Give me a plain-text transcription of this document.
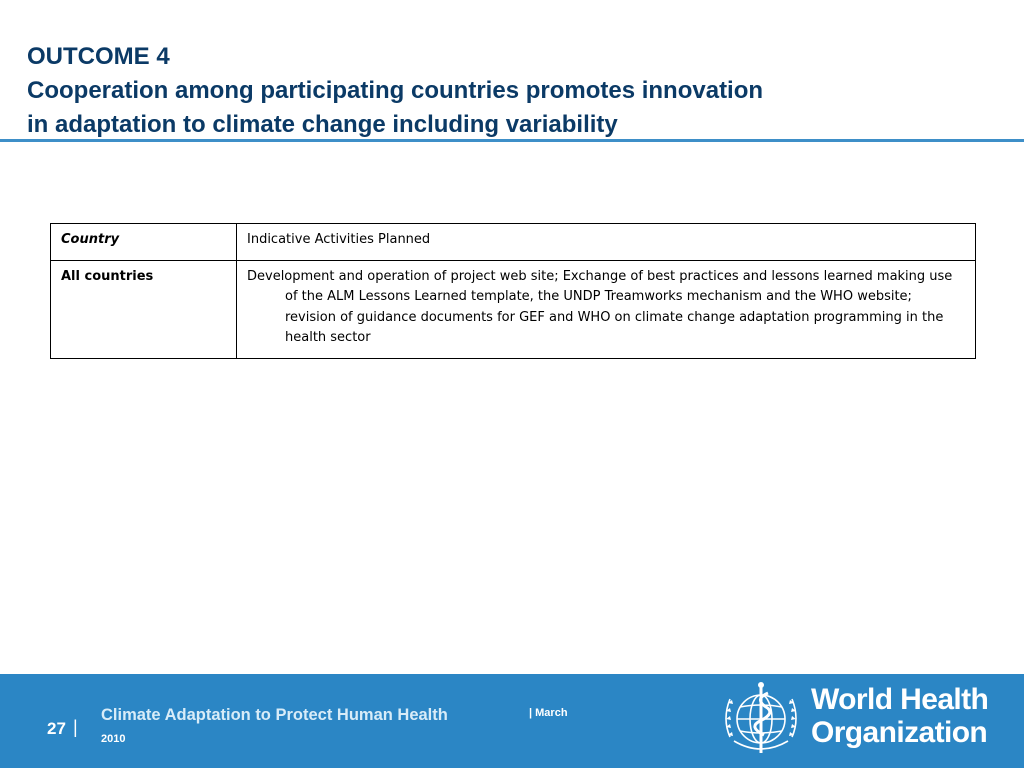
OUTCOME 4
Cooperation among participating countries promotes innovation
in adaptation to climate change including variability
Country	Indicative Activities Planned
All countries	Development and operation of project web site; Exchange of best practices and lessons learned making use of the ALM Lessons Learned template, the UNDP Treamworks mechanism and the WHO website; revision of guidance documents for GEF and WHO on climate change adaptation programming in the health sector
27 |
Climate Adaptation to Protect Human Health	| March
2010
World Health
Organization
